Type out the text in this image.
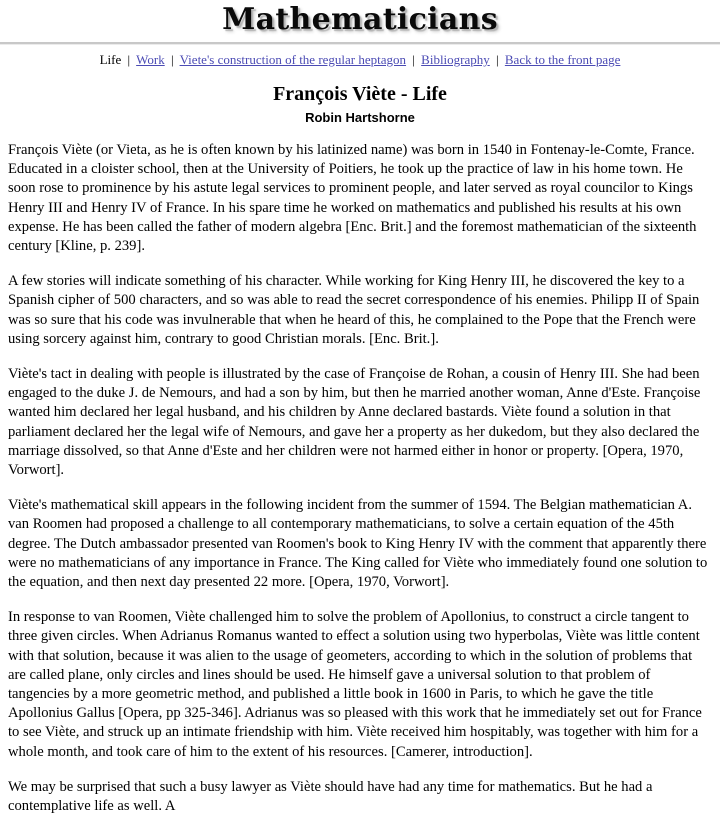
Mathematicians
Life | Work | Viete's construction of the regular heptagon | Bibliography | Back to the front page
François Viète - Life
Robin Hartshorne

François Viète (or Vieta, as he is often known by his latinized name) was born in 1540 in Fontenay-le-Comte, France. Educated in a cloister school, then at the University of Poitiers, he took up the practice of law in his home town. He soon rose to prominence by his astute legal services to prominent people, and later served as royal councilor to Kings Henry III and Henry IV of France. In his spare time he worked on mathematics and published his results at his own expense. He has been called the father of modern algebra [Enc. Brit.] and the foremost mathematician of the sixteenth century [Kline, p. 239].

A few stories will indicate something of his character. While working for King Henry III, he discovered the key to a Spanish cipher of 500 characters, and so was able to read the secret correspondence of his enemies. Philipp II of Spain was so sure that his code was invulnerable that when he heard of this, he complained to the Pope that the French were using sorcery against him, contrary to good Christian morals. [Enc. Brit.].

Viète's tact in dealing with people is illustrated by the case of Françoise de Rohan, a cousin of Henry III. She had been engaged to the duke J. de Nemours, and had a son by him, but then he married another woman, Anne d'Este. Françoise wanted him declared her legal husband, and his children by Anne declared bastards. Viète found a solution in that parliament declared her the legal wife of Nemours, and gave her a property as her dukedom, but they also declared the marriage dissolved, so that Anne d'Este and her children were not harmed either in honor or property. [Opera, 1970, Vorwort].

Viète's mathematical skill appears in the following incident from the summer of 1594. The Belgian mathematician A. van Roomen had proposed a challenge to all contemporary mathematicians, to solve a certain equation of the 45th degree. The Dutch ambassador presented van Roomen's book to King Henry IV with the comment that apparently there were no mathematicians of any importance in France. The King called for Viète who immediately found one solution to the equation, and then next day presented 22 more. [Opera, 1970, Vorwort].

In response to van Roomen, Viète challenged him to solve the problem of Apollonius, to construct a circle tangent to three given circles. When Adrianus Romanus wanted to effect a solution using two hyperbolas, Viète was little content with that solution, because it was alien to the usage of geometers, according to which in the solution of problems that are called plane, only circles and lines should be used. He himself gave a universal solution to that problem of tangencies by a more geometric method, and published a little book in 1600 in Paris, to which he gave the title Apollonius Gallus [Opera, pp 325-346]. Adrianus was so pleased with this work that he immediately set out for France to see Viète, and struck up an intimate friendship with him. Viète received him hospitably, was together with him for a whole month, and took care of him to the extent of his resources. [Camerer, introduction].

We may be surprised that such a busy lawyer as Viète should have had any time for mathematics. But he had a contemplative life as well. A
